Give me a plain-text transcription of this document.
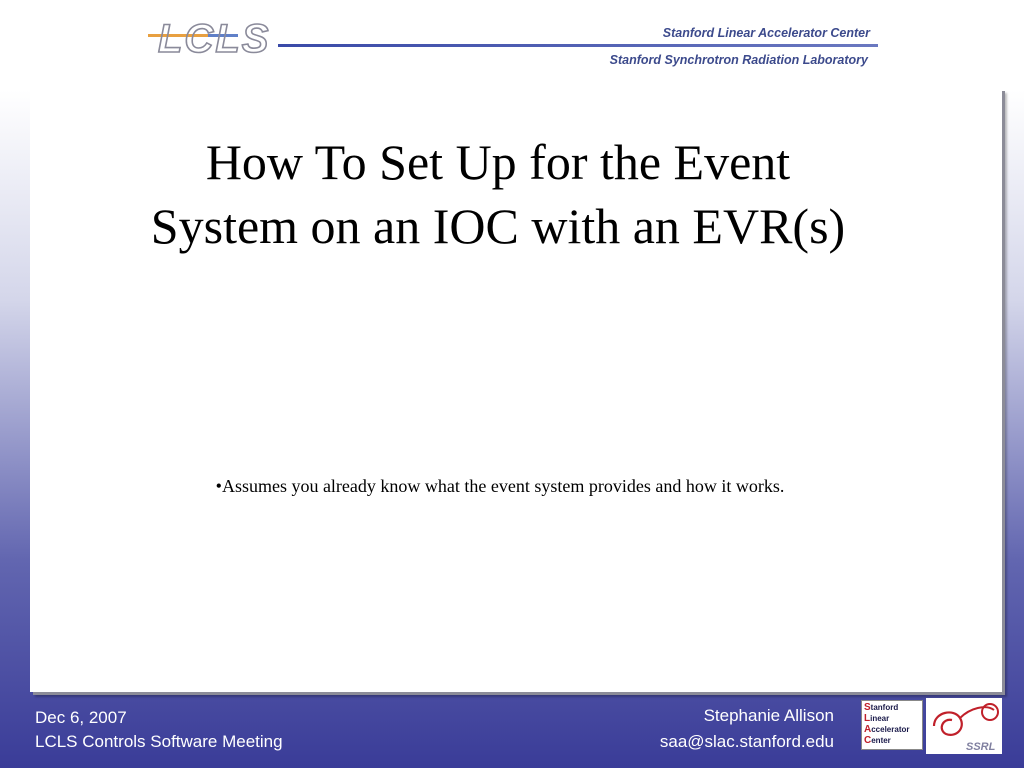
LCLS	Stanford Linear Accelerator Center
Stanford Synchrotron Radiation Laboratory
How To Set Up for the Event
System on an IOC with an EVR(s)
•Assumes you already know what the event system provides and how it works.
Dec 6, 2007
LCLS Controls Software Meeting
Stephanie Allison
saa@slac.stanford.edu
Stanford
Linear
Accelerator
Center
SSRL
